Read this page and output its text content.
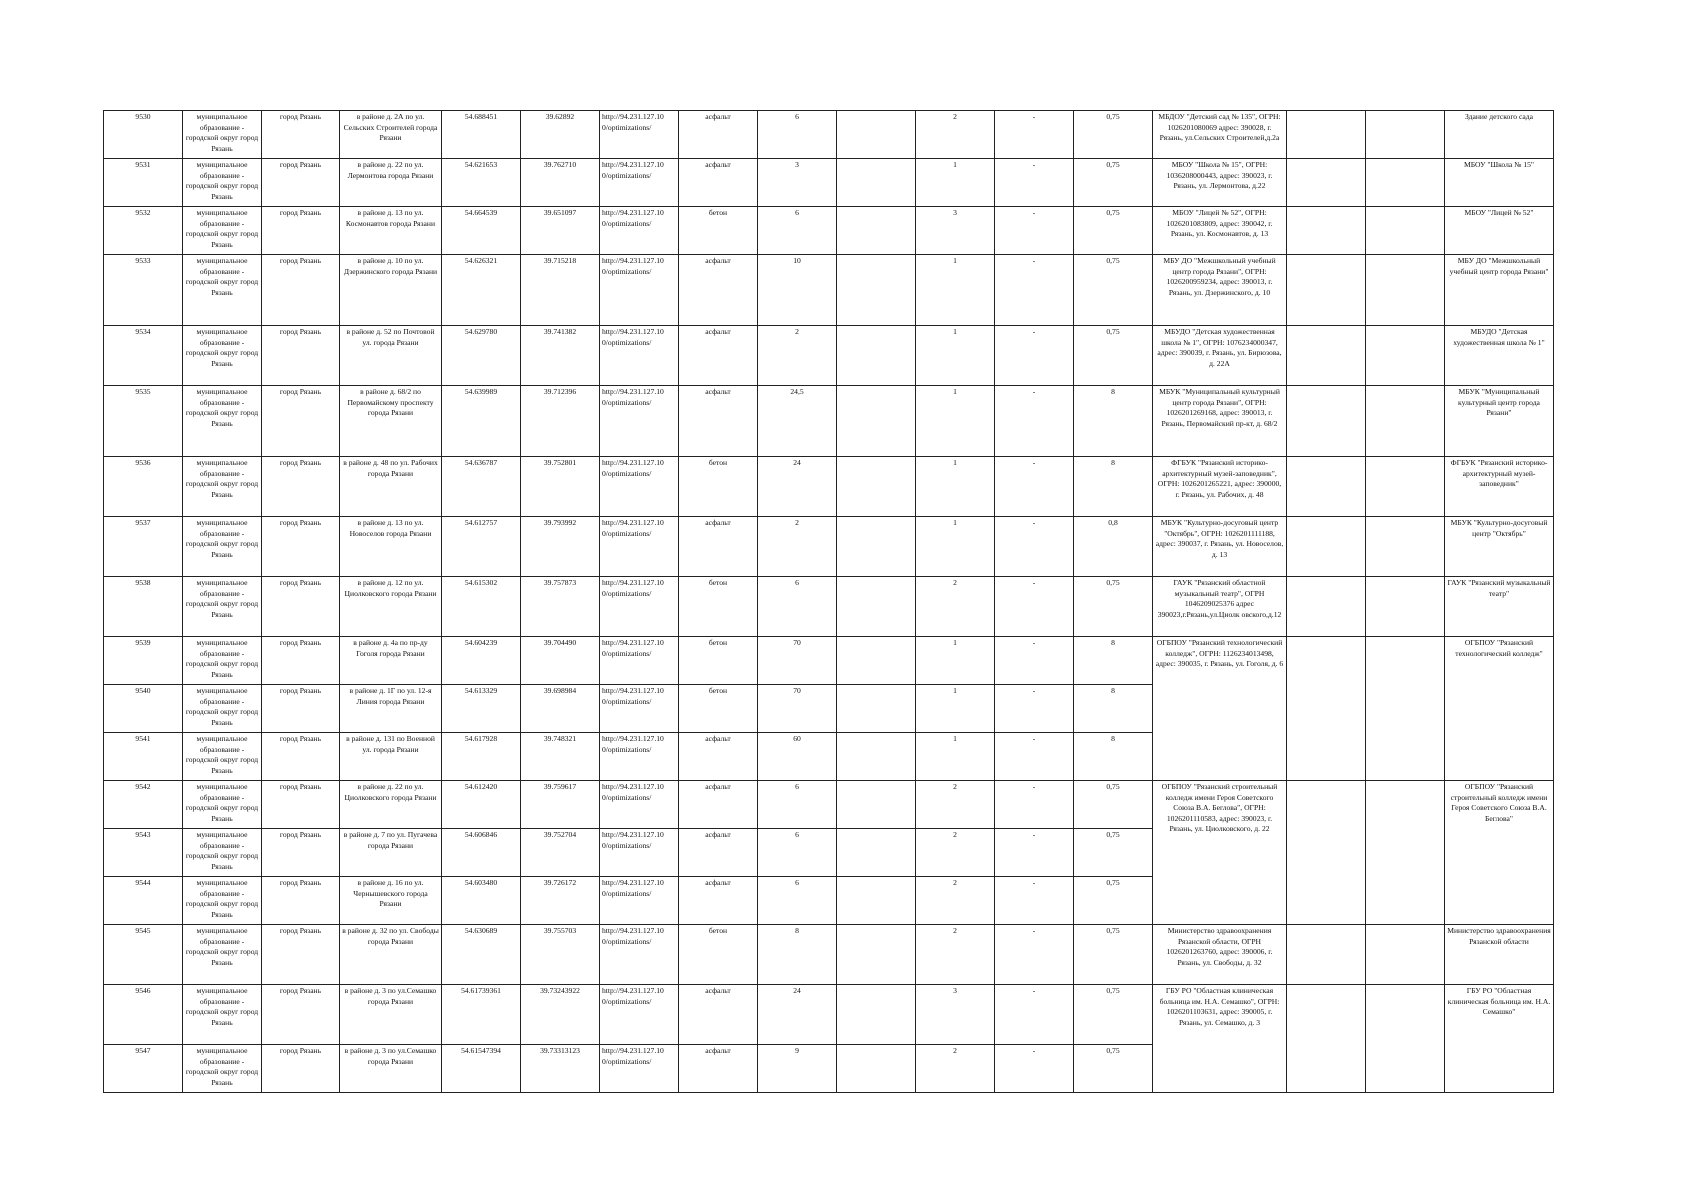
9530	муниципальное образование - городской округ город Рязань	город Рязань	в районе д. 2А по ул. Сельских Строителей города Рязани	54.688451	39.62892	http://94.231.127.10 0/optimizations/	асфальт	6		2	-	0,75	МБДОУ "Детский сад № 135", ОГРН: 1026201080069 адрес: 390028, г. Рязань, ул.Сельских Строителей,д.2а			Здание детского сада
9531	муниципальное образование - городской округ город Рязань	город Рязань	в районе д. 22 по ул. Лермонтова города Рязани	54.621653	39.762710	http://94.231.127.10 0/optimizations/	асфальт	3		1	-	0,75	МБОУ "Школа № 15", ОГРН: 1036208000443, адрес: 390023, г. Рязань, ул. Лермонтова, д.22			МБОУ "Школа № 15"
9532	муниципальное образование - городской округ город Рязань	город Рязань	в районе д. 13 по ул. Космонавтов города Рязани	54.664539	39.651097	http://94.231.127.10 0/optimizations/	бетон	6		3	-	0,75	МБОУ "Лицей № 52", ОГРН: 1026201083809, адрес: 390042, г. Рязань, ул. Космонавтов, д. 13			МБОУ "Лицей № 52"
9533	муниципальное образование - городской округ город Рязань	город Рязань	в районе д. 10 по ул. Дзержинского города Рязани	54.626321	39.715218	http://94.231.127.10 0/optimizations/	асфальт	10		1	-	0,75	МБУ ДО "Межшкольный учебный центр города Рязани", ОГРН: 1026200959234, адрес: 390013, г. Рязань, ул. Дзержинского, д. 10			МБУ ДО "Межшкольный учебный центр города Рязани"
9534	муниципальное образование - городской округ город Рязань	город Рязань	в районе д. 52 по Почтовой ул. города Рязани	54.629780	39.741382	http://94.231.127.10 0/optimizations/	асфальт	2		1	-	0,75	МБУДО "Детская художественная школа № 1", ОГРН: 1076234000347, адрес: 390039, г. Рязань, ул. Бирюзова, д. 22А			МБУДО "Детская художественная школа № 1"
9535	муниципальное образование - городской округ город Рязань	город Рязань	в районе д. 68/2 по Первомайскому проспекту города Рязани	54.639989	39.712396	http://94.231.127.10 0/optimizations/	асфальт	24,5		1	-	8	МБУК "Муниципальный культурный центр города Рязани", ОГРН: 1026201269168, адрес: 390013, г. Рязань, Первомайский пр-кт, д. 68/2			МБУК "Муниципальный культурный центр города Рязани"
9536	муниципальное образование - городской округ город Рязань	город Рязань	в районе д. 48 по ул. Рабочих города Рязани	54.636787	39.752801	http://94.231.127.10 0/optimizations/	бетон	24		1	-	8	ФГБУК "Рязанский историко-архитектурный музей-заповедник", ОГРН: 1026201265221, адрес: 390000, г. Рязань, ул. Рабочих, д. 48			ФГБУК "Рязанский историко-архитектурный музей-заповедник"
9537	муниципальное образование - городской округ город Рязань	город Рязань	в районе д. 13 по ул. Новоселов города Рязани	54.612757	39.793992	http://94.231.127.10 0/optimizations/	асфальт	2		1	-	0,8	МБУК "Культурно-досуговый центр "Октябрь", ОГРН: 1026201111188, адрес: 390037, г. Рязань, ул. Новоселов, д. 13			МБУК "Культурно-досуговый центр "Октябрь"
9538	муниципальное образование - городской округ город Рязань	город Рязань	в районе д. 12 по ул. Циолковского города Рязани	54.615302	39.757873	http://94.231.127.10 0/optimizations/	бетон	6		2	-	0,75	ГАУК "Рязанский областной музыкальный театр", ОГРН 1046209025376 адрес 390023,г.Рязань,ул.Циолк овского,д.12			ГАУК "Рязанский музыкальный театр"
9539	муниципальное образование - городской округ город Рязань	город Рязань	в районе д. 4а по пр-ду Гоголя города Рязани	54.604239	39.704490	http://94.231.127.10 0/optimizations/	бетон	70		1	-	8	ОГБПОУ "Рязанский технологический колледж", ОГРН: 1126234013498, адрес: 390035, г. Рязань, ул. Гоголя, д. 6			ОГБПОУ "Рязанский технологический колледж"
9540	муниципальное образование - городской округ город Рязань	город Рязань	в районе д. 1Г по ул. 12-я Линия города Рязани	54.613329	39.698984	http://94.231.127.10 0/optimizations/	бетон	70		1	-	8				
9541	муниципальное образование - городской округ город Рязань	город Рязань	в районе д. 131 по Военной ул. города Рязани	54.617928	39.748321	http://94.231.127.10 0/optimizations/	асфальт	60		1	-	8				
9542	муниципальное образование - городской округ город Рязань	город Рязань	в районе д. 22 по ул. Циолковского города Рязани	54.612420	39.759617	http://94.231.127.10 0/optimizations/	асфальт	6		2	-	0,75	ОГБПОУ "Рязанский строительный колледж имени Героя Советского Союза В.А. Беглова", ОГРН: 1026201110583, адрес: 390023, г. Рязань, ул. Циолковского, д. 22			ОГБПОУ "Рязанский строительный колледж имени Героя Советского Союза В.А. Беглова"
9543	муниципальное образование - городской округ город Рязань	город Рязань	в районе д. 7 по ул. Пугачева города Рязани	54.606846	39.752704	http://94.231.127.10 0/optimizations/	асфальт	6		2	-	0,75				
9544	муниципальное образование - городской округ город Рязань	город Рязань	в районе д. 16 по ул. Чернышевского города Рязани	54.603480	39.726172	http://94.231.127.10 0/optimizations/	асфальт	6		2	-	0,75				
9545	муниципальное образование - городской округ город Рязань	город Рязань	в районе д. 32 по ул. Свободы города Рязани	54.630689	39.755703	http://94.231.127.10 0/optimizations/	бетон	8		2	-	0,75	Министерство здравоохранения Рязанской области, ОГРН 1026201263760, адрес: 390006, г. Рязань, ул. Свободы, д. 32			Министерство здравоохранения Рязанской области
9546	муниципальное образование - городской округ город Рязань	город Рязань	в районе д. 3 по ул.Семашко города Рязани	54.61739361	39.73243922	http://94.231.127.10 0/optimizations/	асфальт	24		3	-	0,75	ГБУ РО "Областная клиническая больница им. Н.А. Семашко", ОГРН: 1026201103631, адрес: 390005, г. Рязань, ул. Семашко, д. 3			ГБУ РО "Областная клиническая больница им. Н.А. Семашко"
9547	муниципальное образование - городской округ город Рязань	город Рязань	в районе д. 3 по ул.Семашко города Рязани	54.61547394	39.73313123	http://94.231.127.10 0/optimizations/	асфальт	9		2	-	0,75				
